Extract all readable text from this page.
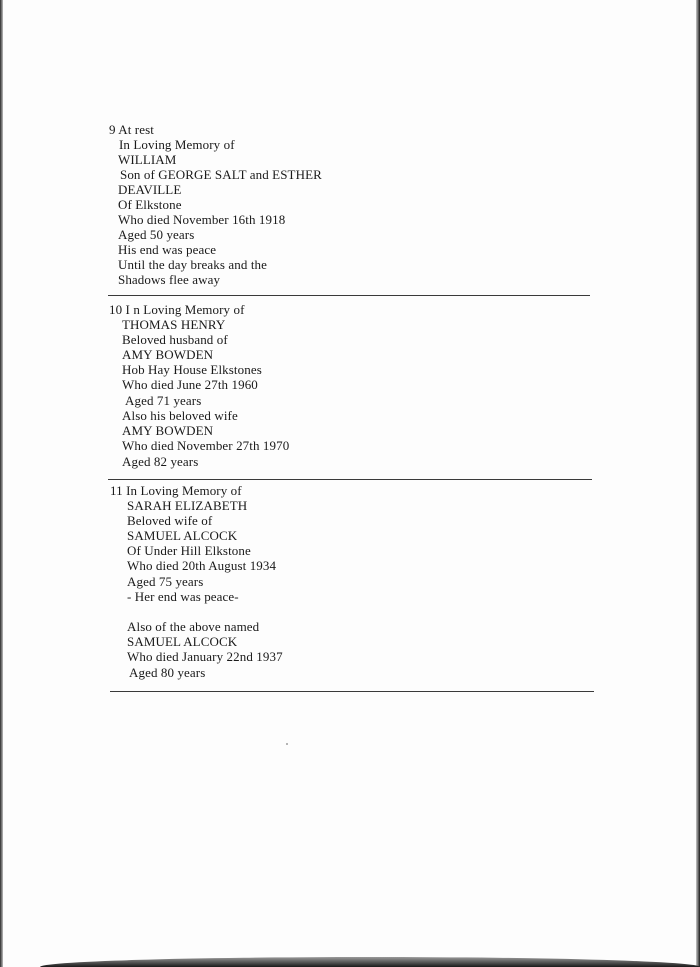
9 At rest
In Loving Memory of
WILLIAM
Son of GEORGE SALT and ESTHER
DEAVILLE
Of Elkstone
Who died November 16th 1918
Aged 50 years
His end was peace
Until the day breaks and the
Shadows flee away
10 I n Loving Memory of
THOMAS HENRY
Beloved husband of
AMY BOWDEN
Hob Hay House Elkstones
Who died June 27th 1960
Aged 71 years
Also his beloved wife
AMY BOWDEN
Who died November 27th 1970
Aged 82 years
11 In Loving Memory of
SARAH ELIZABETH
Beloved wife of
SAMUEL ALCOCK
Of Under Hill Elkstone
Who died 20th August 1934
Aged 75 years
- Her end was peace-
Also of the above named
SAMUEL ALCOCK
Who died January 22nd 1937
Aged 80 years
